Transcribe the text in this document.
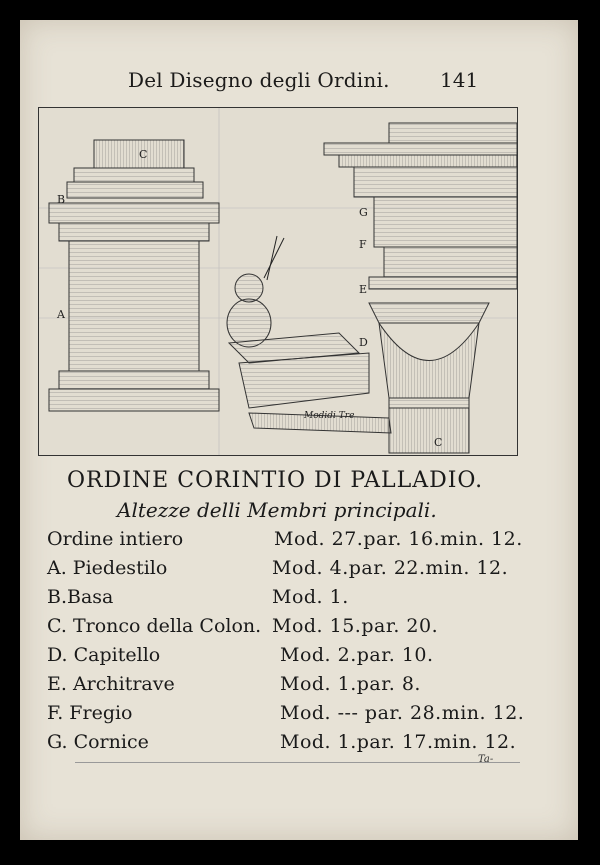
Del Disegno degli Ordini.	141
C
B
A
G
F
E
D
C
Modidi Tre
ORDINE CORINTIO DI PALLADIO.
Altezze delli Membri principali.
Ordine intiero	Mod. 27.par. 16.min. 12.
A. Piedestilo	Mod. 4.par. 22.min. 12.
B.Basa	Mod. 1.
C. Tronco della Colon. Mod. 15.par. 20.
D. Capitello	Mod. 2.par. 10.
E. Architrave	Mod. 1.par. 8.
F. Fregio	Mod. --- par. 28.min. 12.
G. Cornice	Mod. 1.par. 17.min. 12.
Ta-
